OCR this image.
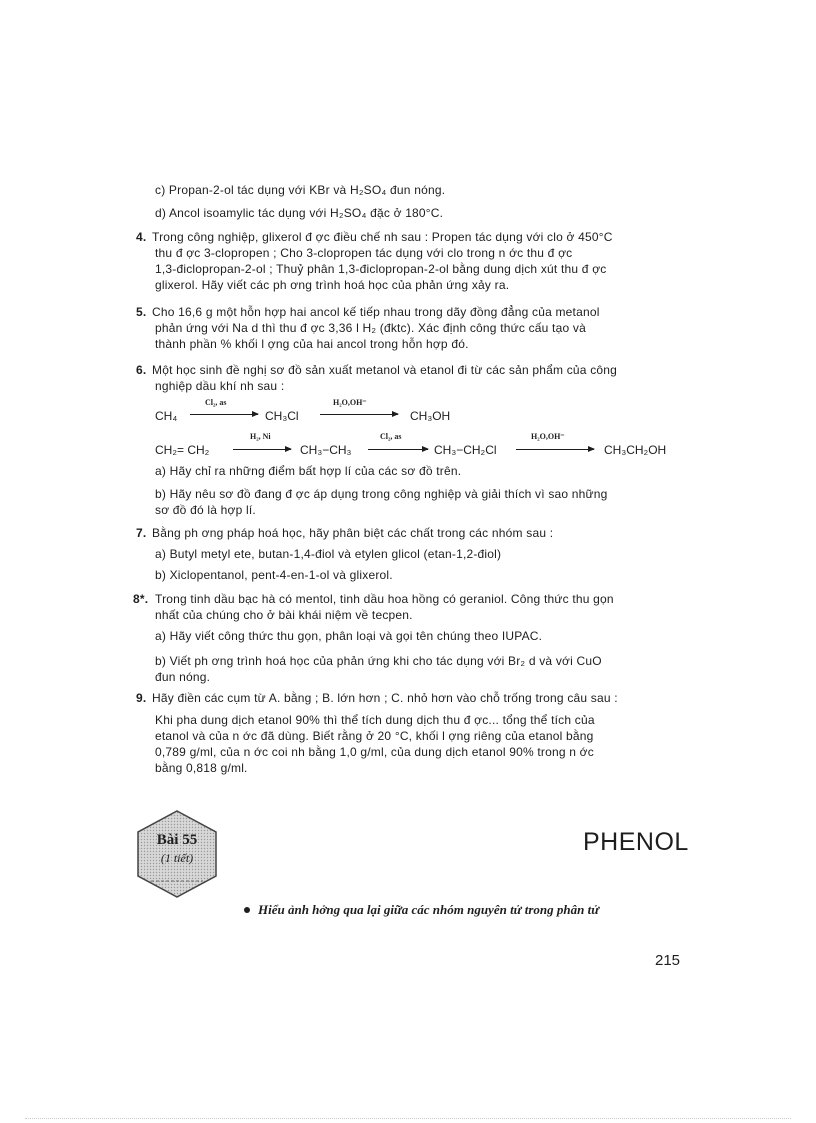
c) Propan-2-ol tác dụng với KBr và H₂SO₄ đun nóng.
d) Ancol isoamylic tác dụng với H₂SO₄ đặc ở 180°C.
4. Trong công nghiệp, glixerol đ ợc điều chế nh sau : Propen tác dụng với clo ở 450°C
thu đ ợc 3-clopropen ; Cho 3-clopropen tác dụng với clo trong n ớc thu đ ợc
1,3-điclopropan-2-ol ; Thuỷ phân 1,3-điclopropan-2-ol bằng dung dịch xút thu đ ợc
glixerol. Hãy viết các ph ơng trình hoá học của phản ứng xảy ra.
5. Cho 16,6 g một hỗn hợp hai ancol kế tiếp nhau trong dãy đồng đẳng của metanol
phản ứng với Na d thì thu đ ợc 3,36 l H₂ (đktc). Xác định công thức cấu tạo và
thành phần % khối l ợng của hai ancol trong hỗn hợp đó.
6. Một học sinh đề nghị sơ đồ sản xuất metanol và etanol đi từ các sản phẩm của công
nghiệp dầu khí nh sau :
CH₄
Cl₂, as
CH₃Cl
H₂O,OH⁻
CH₃OH
CH₂= CH₂
H₂, Ni
CH₃−CH₃
Cl₂, as
CH₃−CH₂Cl
H₂O,OH⁻
CH₃CH₂OH
a) Hãy chỉ ra những điểm bất hợp lí của các sơ đồ trên.
b) Hãy nêu sơ đồ đang đ ợc áp dụng trong công nghiệp và giải thích vì sao những
sơ đồ đó là hợp lí.
7. Bằng ph ơng pháp hoá học, hãy phân biệt các chất trong các nhóm sau :
a) Butyl metyl ete, butan-1,4-điol và etylen glicol (etan-1,2-điol)
b) Xiclopentanol, pent-4-en-1-ol và glixerol.
8*. Trong tinh dầu bạc hà có mentol, tinh dầu hoa hồng có geraniol. Công thức thu gọn
nhất của chúng cho ở bài khái niệm về tecpen.
a) Hãy viết công thức thu gọn, phân loại và gọi tên chúng theo IUPAC.
b) Viết ph ơng trình hoá học của phản ứng khi cho tác dụng với Br₂ d và với CuO
đun nóng.
9. Hãy điền các cụm từ A. bằng ; B. lớn hơn ; C. nhỏ hơn vào chỗ trống trong câu sau :
Khi pha dung dịch etanol 90% thì thể tích dung dịch thu đ ợc... tổng thể tích của
etanol và của n ớc đã dùng. Biết rằng ở 20 °C, khối l ợng riêng của etanol bằng
0,789 g/ml, của n ớc coi nh bằng 1,0 g/ml, của dung dịch etanol 90% trong n ớc
bằng 0,818 g/ml.
Bài 55
(1 tiết)
PHENOL
Hiểu ảnh hởng qua lại giữa các nhóm nguyên tử trong phân tử
215
